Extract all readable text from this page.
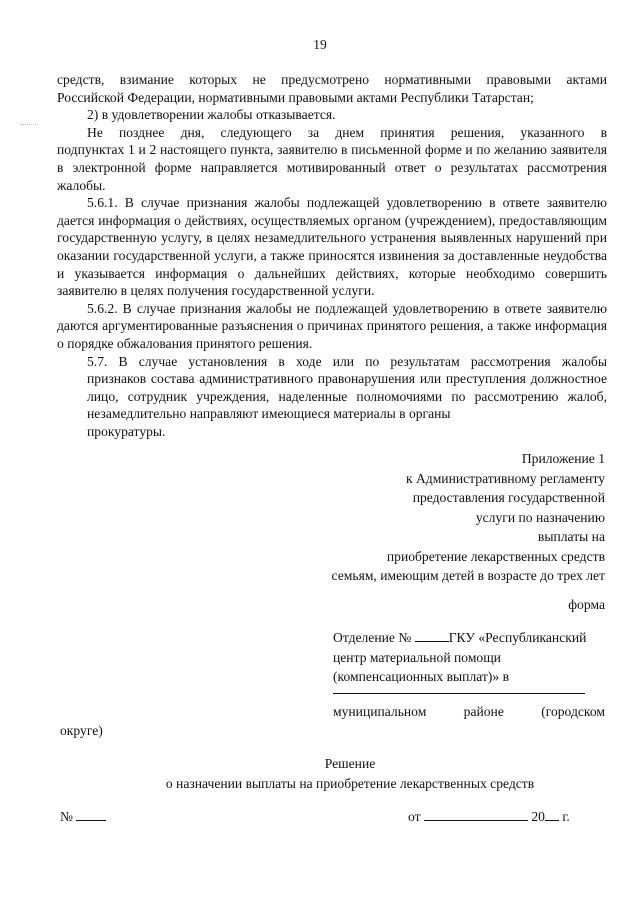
19

средств, взимание которых не предусмотрено нормативными правовыми актами

Российской Федерации, нормативными правовыми актами Республики Татарстан;

2) в удовлетворении жалобы отказывается.

Не позднее дня, следующего за днем принятия решения, указанного в

подпунктах 1 и 2 настоящего пункта, заявителю в письменной форме и по желанию заявителя в электронной форме направляется мотивированный ответ о результатах рассмотрения жалобы.

5.6.1. В случае признания жалобы подлежащей удовлетворению в ответе заявителю дается информация о действиях, осуществляемых органом (учреждением), предоставляющим государственную услугу, в целях незамедлительного устранения выявленных нарушений при оказании государственной услуги, а также приносятся извинения за доставленные неудобства и указывается информация о дальнейших действиях, которые необходимо совершить заявителю в целях получения государственной услуги.

5.6.2. В случае признания жалобы не подлежащей удовлетворению в ответе заявителю даются аргументированные разъяснения о причинах принятого решения, а также информация о порядке обжалования принятого решения.

5.7. В случае установления в ходе или по результатам рассмотрения жалобы

признаков состава административного правонарушения или преступления должностное лицо, сотрудник учреждения, наделенные полномочиями по рассмотрению жалоб, незамедлительно направляют имеющиеся материалы в органы

прокуратуры.

Приложение 1
к Административному регламенту
предоставления государственной
услуги по назначению
выплаты на
приобретение лекарственных средств
семьям, имеющим детей в возрасте до трех лет
форма
Отделение №	ГКУ «Республиканский
центр материальной помощи
(компенсационных выплат)» в
муниципальном	районе	(городском
округе)
Решение
о назначении выплаты на приобретение лекарственных средств
№	от	20 г.
